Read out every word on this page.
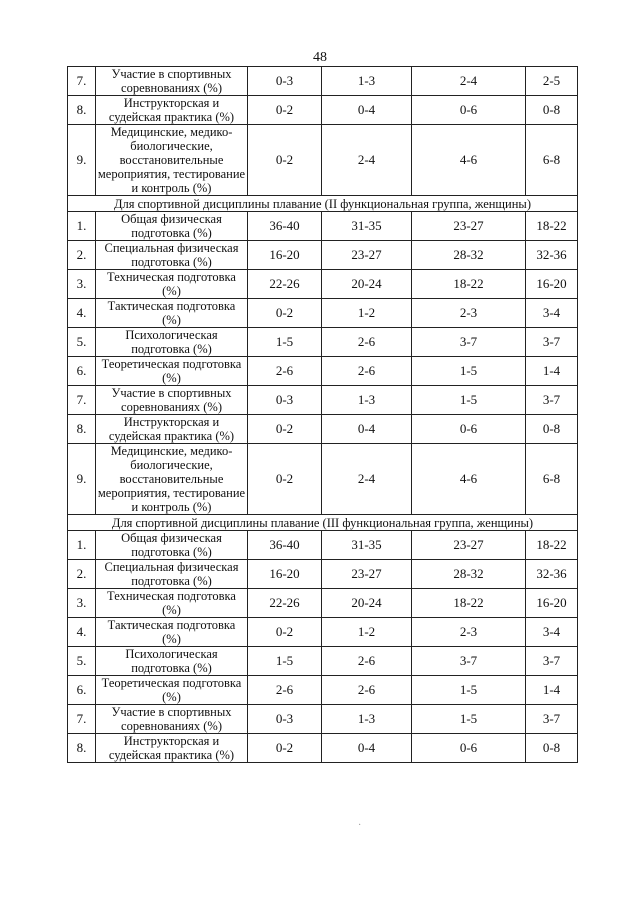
48
7.	Участие в спортивных соревнованиях (%)	0-3	1-3	2-4	2-5
8.	Инструкторская и судейская практика (%)	0-2	0-4	0-6	0-8
9.	Медицинские, медико-биологические, восстановительные мероприятия, тестирование и контроль (%)	0-2	2-4	4-6	6-8
Для спортивной дисциплины плавание (II функциональная группа, женщины)					
1.	Общая физическая подготовка (%)	36-40	31-35	23-27	18-22
2.	Специальная физическая подготовка (%)	16-20	23-27	28-32	32-36
3.	Техническая подготовка (%)	22-26	20-24	18-22	16-20
4.	Тактическая подготовка (%)	0-2	1-2	2-3	3-4
5.	Психологическая подготовка (%)	1-5	2-6	3-7	3-7
6.	Теоретическая подготовка (%)	2-6	2-6	1-5	1-4
7.	Участие в спортивных соревнованиях (%)	0-3	1-3	1-5	3-7
8.	Инструкторская и судейская практика (%)	0-2	0-4	0-6	0-8
9.	Медицинские, медико-биологические, восстановительные мероприятия, тестирование и контроль (%)	0-2	2-4	4-6	6-8
Для спортивной дисциплины плавание (III функциональная группа, женщины)					
1.	Общая физическая подготовка (%)	36-40	31-35	23-27	18-22
2.	Специальная физическая подготовка (%)	16-20	23-27	28-32	32-36
3.	Техническая подготовка (%)	22-26	20-24	18-22	16-20
4.	Тактическая подготовка (%)	0-2	1-2	2-3	3-4
5.	Психологическая подготовка (%)	1-5	2-6	3-7	3-7
6.	Теоретическая подготовка (%)	2-6	2-6	1-5	1-4
7.	Участие в спортивных соревнованиях (%)	0-3	1-3	1-5	3-7
8.	Инструкторская и судейская практика (%)	0-2	0-4	0-6	0-8
·
